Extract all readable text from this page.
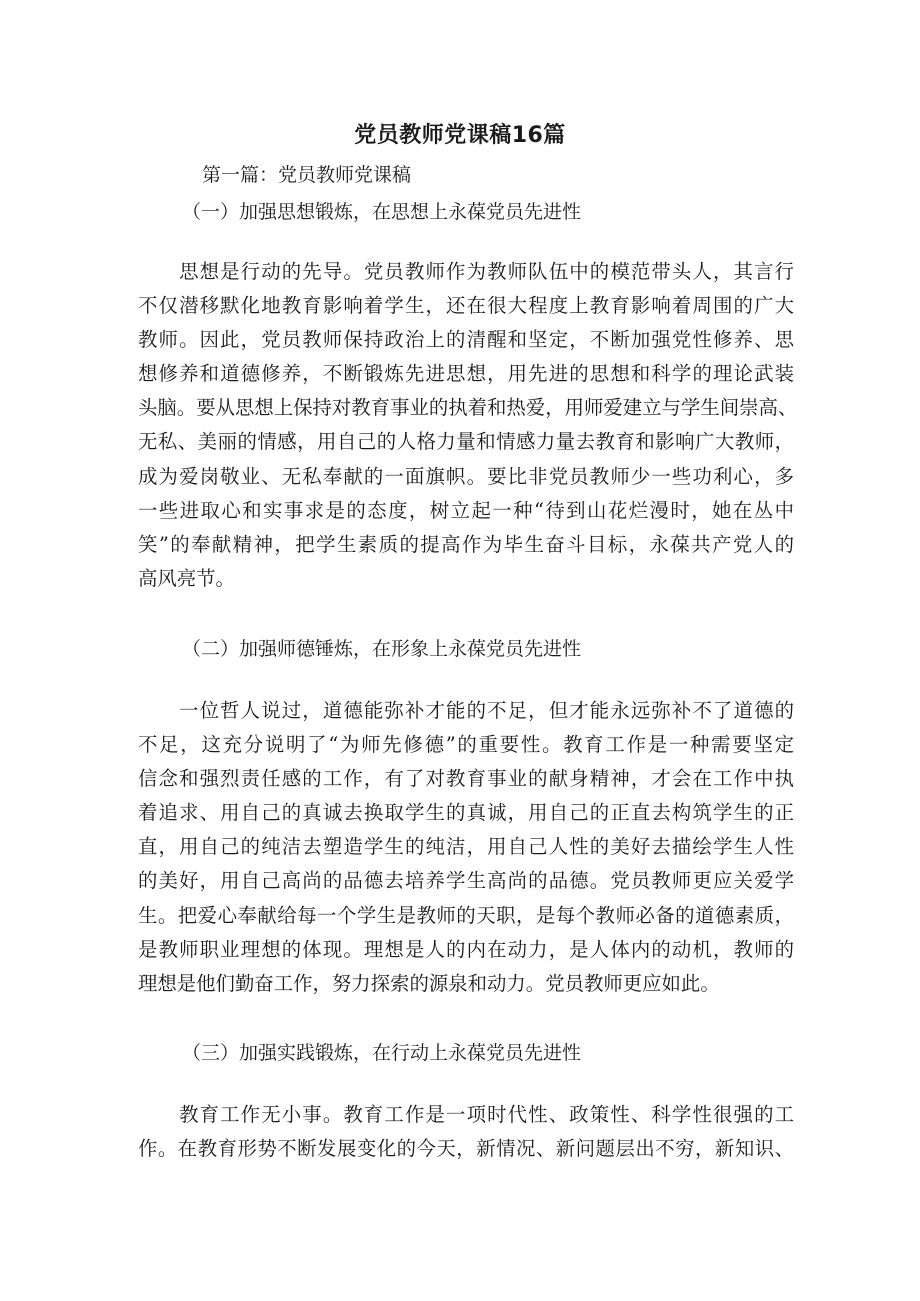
党员教师党课稿16篇

第一篇：党员教师党课稿

（一）加强思想锻炼，在思想上永葆党员先进性

　　思想是行动的先导。党员教师作为教师队伍中的模范带头人，其言行
不仅潜移默化地教育影响着学生，还在很大程度上教育影响着周围的广大
教师。因此，党员教师保持政治上的清醒和坚定，不断加强党性修养、思
想修养和道德修养，不断锻炼先进思想，用先进的思想和科学的理论武装
头脑。要从思想上保持对教育事业的执着和热爱，用师爱建立与学生间崇高、
无私、美丽的情感，用自己的人格力量和情感力量去教育和影响广大教师，
成为爱岗敬业、无私奉献的一面旗帜。要比非党员教师少一些功利心，多
一些进取心和实事求是的态度，树立起一种“待到山花烂漫时，她在丛中
笑”的奉献精神，把学生素质的提高作为毕生奋斗目标，永葆共产党人的
高风亮节。

（二）加强师德锤炼，在形象上永葆党员先进性

　　一位哲人说过，道德能弥补才能的不足，但才能永远弥补不了道德的
不足，这充分说明了“为师先修德”的重要性。教育工作是一种需要坚定
信念和强烈责任感的工作，有了对教育事业的献身精神，才会在工作中执
着追求、用自己的真诚去换取学生的真诚，用自己的正直去构筑学生的正
直，用自己的纯洁去塑造学生的纯洁，用自己人性的美好去描绘学生人性
的美好，用自己高尚的品德去培养学生高尚的品德。党员教师更应关爱学
生。把爱心奉献给每一个学生是教师的天职，是每个教师必备的道德素质，
是教师职业理想的体现。理想是人的内在动力，是人体内的动机，教师的
理想是他们勤奋工作，努力探索的源泉和动力。党员教师更应如此。

（三）加强实践锻炼，在行动上永葆党员先进性

　　教育工作无小事。教育工作是一项时代性、政策性、科学性很强的工
作。在教育形势不断发展变化的今天，新情况、新问题层出不穷，新知识、
